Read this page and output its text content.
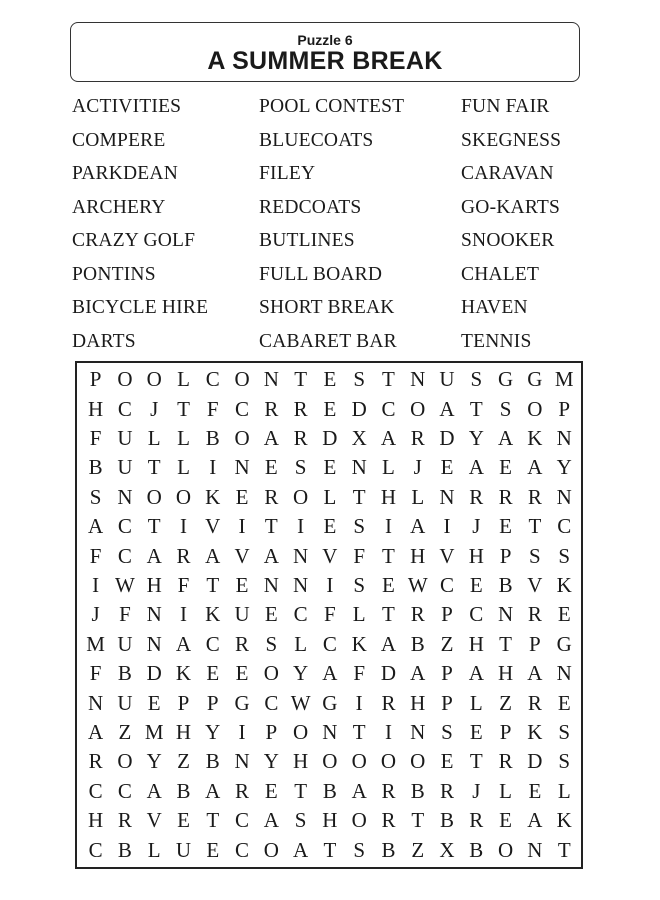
Puzzle 6
A SUMMER BREAK
ACTIVITIES	POOL CONTEST	FUN FAIR
COMPERE	BLUECOATS	SKEGNESS
PARKDEAN	FILEY	CARAVAN
ARCHERY	REDCOATS	GO-KARTS
CRAZY GOLF	BUTLINES	SNOOKER
PONTINS	FULL BOARD	CHALET
BICYCLE HIRE	SHORT BREAK	HAVEN
DARTS	CABARET BAR	TENNIS
P	O	O	L	C	O	N	T	E	S	T	N	U	S	G	G	M
H	C	J	T	F	C	R	R	E	D	C	O	A	T	S	O	P
F	U	L	L	B	O	A	R	D	X	A	R	D	Y	A	K	N
B	U	T	L	I	N	E	S	E	N	L	J	E	A	E	A	Y
S	N	O	O	K	E	R	O	L	T	H	L	N	R	R	R	N
A	C	T	I	V	I	T	I	E	S	I	A	I	J	E	T	C
F	C	A	R	A	V	A	N	V	F	T	H	V	H	P	S	S
I	W	H	F	T	E	N	N	I	S	E	W	C	E	B	V	K
J	F	N	I	K	U	E	C	F	L	T	R	P	C	N	R	E
M	U	N	A	C	R	S	L	C	K	A	B	Z	H	T	P	G
F	B	D	K	E	E	O	Y	A	F	D	A	P	A	H	A	N
N	U	E	P	P	G	C	W	G	I	R	H	P	L	Z	R	E
A	Z	M	H	Y	I	P	O	N	T	I	N	S	E	P	K	S
R	O	Y	Z	B	N	Y	H	O	O	O	O	E	T	R	D	S
C	C	A	B	A	R	E	T	B	A	R	B	R	J	L	E	L
H	R	V	E	T	C	A	S	H	O	R	T	B	R	E	A	K
C	B	L	U	E	C	O	A	T	S	B	Z	X	B	O	N	T
